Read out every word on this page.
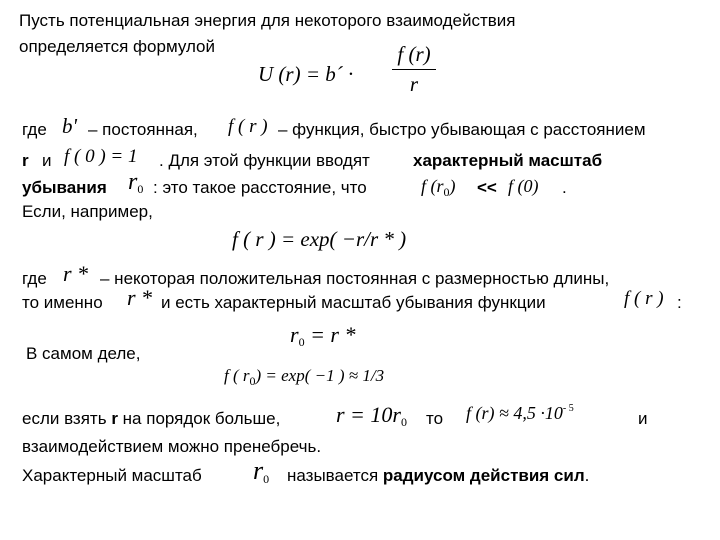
Пусть потенциальная энергия для некоторого взаимодействия
определяется формулой
U (r) = b´ ·
f (r)
r
где b' – постоянная, f ( r ) – функция, быстро убывающая с расстоянием
r и f ( 0 ) = 1 . Для этой функции вводят	характерный масштаб
убывания $r_0$ : это такое расстояние, что	f $(r_0) << f$ (0) .
Если, например,
f ( r ) = exp( −r/r * )
где r * – некоторая положительная постоянная с размерностью длины,
то именно r * и есть характерный масштаб убывания функции	f ( r ) :
$r_0 = r$ *
В самом деле,
f ( $r_0) = \exp( -1$ ) ≈ 1/3
если взять r на порядок больше,	$r = 10r_0$ то f $(r) \approx 4,5 \cdot 10^{- 5}$
и
взаимодействием можно пренебречь.
Характерный масштаб $r_0$ называется радиусом действия сил.
